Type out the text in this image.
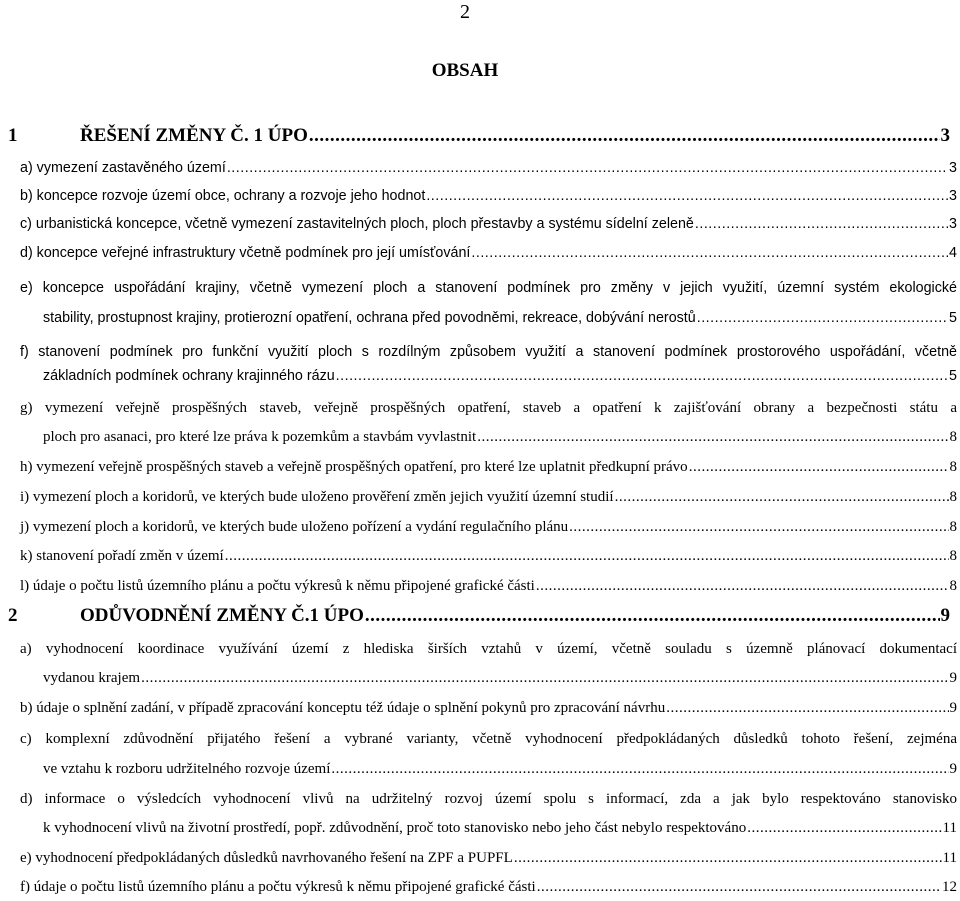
2
OBSAH
1	ŘEŠENÍ ZMĚNY Č. 1 ÚPO .....	3
a) vymezení zastavěného území .....	3
b) koncepce rozvoje území obce, ochrany a rozvoje jeho hodnot .....	3
c) urbanistická koncepce, včetně vymezení zastavitelných ploch, ploch přestavby a systému sídelní zeleně .....	3
d) koncepce veřejné infrastruktury včetně podmínek pro její umísťování .....	4
e) koncepce uspořádání krajiny, včetně vymezení ploch a stanovení podmínek pro změny v jejich využití, územní systém ekologické
stability, prostupnost krajiny, protierozní opatření, ochrana před povodněmi, rekreace, dobývání nerostů .....	5
f) stanovení podmínek pro funkční využití ploch s rozdílným způsobem využití a stanovení podmínek prostorového uspořádání, včetně
základních podmínek ochrany krajinného rázu .....	5
g) vymezení veřejně prospěšných staveb, veřejně prospěšných opatření, staveb a opatření k zajišťování obrany a bezpečnosti státu a
ploch pro asanaci, pro které lze práva k pozemkům a stavbám vyvlastnit .....	8
h) vymezení veřejně prospěšných staveb a veřejně prospěšných opatření, pro které lze uplatnit předkupní právo .....	8
i) vymezení ploch a koridorů, ve kterých bude uloženo prověření změn jejich využití územní studií .....	8
j) vymezení ploch a koridorů, ve kterých bude uloženo pořízení a vydání regulačního plánu .....	8
k) stanovení pořadí změn v území .....	8
l) údaje o počtu listů územního plánu a počtu výkresů k němu připojené grafické části .....	8
2	ODŮVODNĚNÍ ZMĚNY Č.1 ÚPO .....	9
a) vyhodnocení koordinace využívání území z hlediska širších vztahů v území, včetně souladu s územně plánovací dokumentací
vydanou krajem .....	9
b) údaje o splnění zadání, v případě zpracování konceptu též údaje o splnění pokynů pro zpracování návrhu .....	9
c) komplexní zdůvodnění přijatého řešení a vybrané varianty, včetně vyhodnocení předpokládaných důsledků tohoto řešení, zejména
ve vztahu k rozboru udržitelného rozvoje území .....	9
d) informace o výsledcích vyhodnocení vlivů na udržitelný rozvoj území spolu s informací, zda a jak bylo respektováno stanovisko
k vyhodnocení vlivů na životní prostředí, popř. zdůvodnění, proč toto stanovisko nebo jeho část nebylo respektováno .....	11
e) vyhodnocení předpokládaných důsledků navrhovaného řešení na ZPF a PUPFL .....	11
f) údaje o počtu listů územního plánu a počtu výkresů k němu připojené grafické části .....	12
